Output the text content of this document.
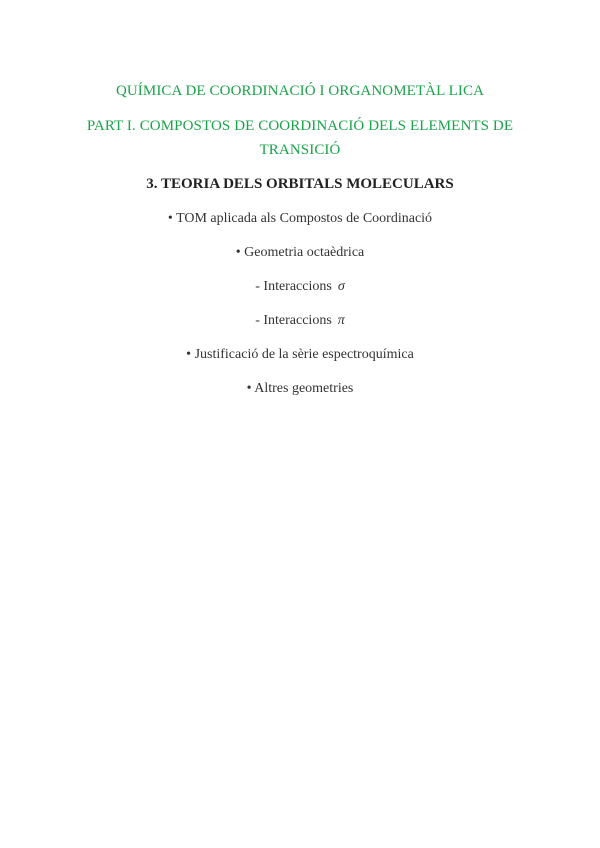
QUÍMICA DE COORDINACIÓ I ORGANOMETÀL LICA
PART I. COMPOSTOS DE COORDINACIÓ DELS ELEMENTS DE
TRANSICIÓ
3. TEORIA DELS ORBITALS MOLECULARS
• TOM aplicada als Compostos de Coordinació
• Geometria octaèdrica
- Interaccions σ
- Interaccions π
• Justificació de la sèrie espectroquímica
• Altres geometries
